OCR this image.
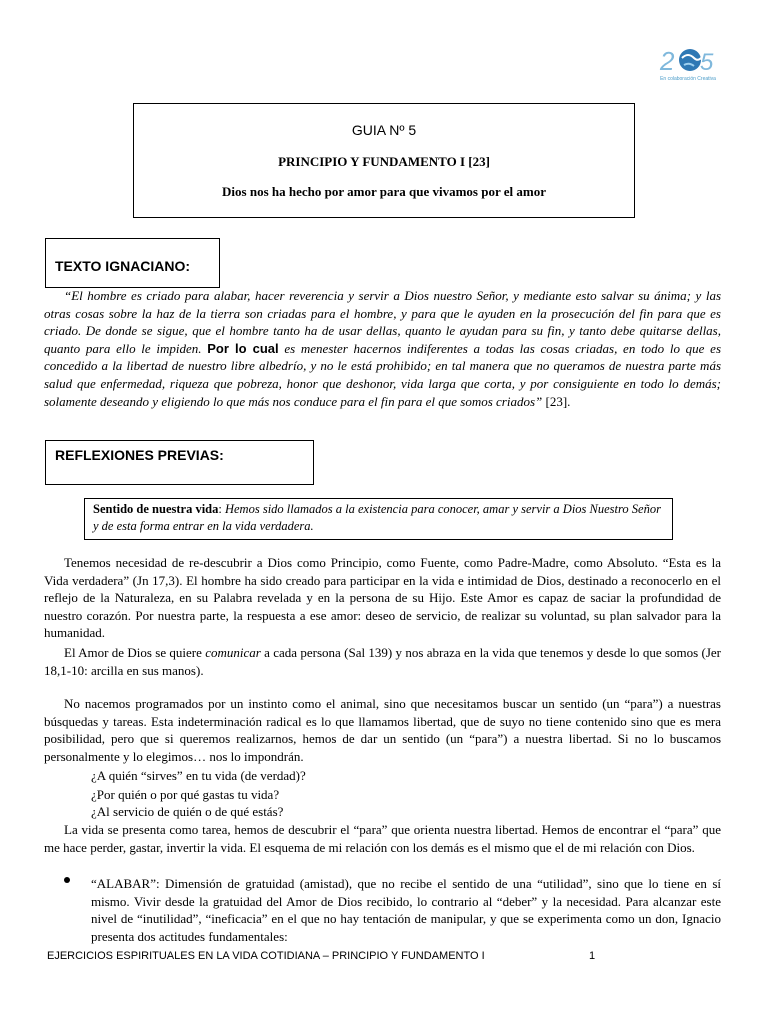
2 5
En colaboración Creativa
GUIA Nº 5
PRINCIPIO Y FUNDAMENTO I [23]
Dios nos ha hecho por amor para que vivamos por el amor
TEXTO IGNACIANO:
“El hombre es criado para alabar, hacer reverencia y servir a Dios nuestro Señor, y mediante esto salvar su ánima; y las otras cosas sobre la haz de la tierra son criadas para el hombre, y para que le ayuden en la prosecución del fin para que es criado. De donde se sigue, que el hombre tanto ha de usar dellas, quanto le ayudan para su fin, y tanto debe quitarse dellas, quanto para ello le impiden. Por lo cual es menester hacernos indiferentes a todas las cosas criadas, en todo lo que es concedido a la libertad de nuestro libre albedrío, y no le está prohibido; en tal manera que no queramos de nuestra parte más salud que enfermedad, riqueza que pobreza, honor que deshonor, vida larga que corta, y por consiguiente en todo lo demás; solamente deseando y eligiendo lo que más nos conduce para el fin para el que somos criados” [23].
REFLEXIONES PREVIAS:
Sentido de nuestra vida: Hemos sido llamados a la existencia para conocer, amar y servir a Dios Nuestro Señor y de esta forma entrar en la vida verdadera.
Tenemos necesidad de re-descubrir a Dios como Principio, como Fuente, como Padre-Madre, como Absoluto. “Esta es la Vida verdadera” (Jn 17,3). El hombre ha sido creado para participar en la vida e intimidad de Dios, destinado a reconocerlo en el reflejo de la Naturaleza, en su Palabra revelada y en la persona de su Hijo. Este Amor es capaz de saciar la profundidad de nuestro corazón. Por nuestra parte, la respuesta a ese amor: deseo de servicio, de realizar su voluntad, su plan salvador para la humanidad.
El Amor de Dios se quiere comunicar a cada persona (Sal 139) y nos abraza en la vida que tenemos y desde lo que somos (Jer 18,1-10: arcilla en sus manos).
No nacemos programados por un instinto como el animal, sino que necesitamos buscar un sentido (un “para”) a nuestras búsquedas y tareas. Esta indeterminación radical es lo que llamamos libertad, que de suyo no tiene contenido sino que es mera posibilidad, pero que si queremos realizarnos, hemos de dar un sentido (un “para”) a nuestra libertad. Si no lo buscamos personalmente y lo elegimos… nos lo impondrán.
¿A quién “sirves” en tu vida (de verdad)?
¿Por quién o por qué gastas tu vida?
¿Al servicio de quién o de qué estás?
La vida se presenta como tarea, hemos de descubrir el “para” que orienta nuestra libertad. Hemos de encontrar el “para” que me hace perder, gastar, invertir la vida. El esquema de mi relación con los demás es el mismo que el de mi relación con Dios.
“ALABAR”: Dimensión de gratuidad (amistad), que no recibe el sentido de una “utilidad”, sino que lo tiene en sí mismo. Vivir desde la gratuidad del Amor de Dios recibido, lo contrario al “deber” y la necesidad. Para alcanzar este nivel de “inutilidad”, “ineficacia” en el que no hay tentación de manipular, y que se experimenta como un don, Ignacio presenta dos actitudes fundamentales:
EJERCICIOS ESPIRITUALES EN LA VIDA COTIDIANA – PRINCIPIO Y FUNDAMENTO I	1
